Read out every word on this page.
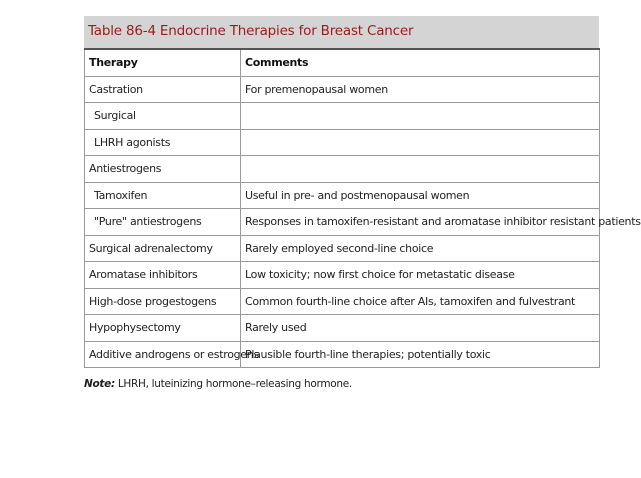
Table 86-4 Endocrine Therapies for Breast Cancer
Therapy	Comments
Castration	For premenopausal women
Surgical	
LHRH agonists	
Antiestrogens	
Tamoxifen	Useful in pre- and postmenopausal women
"Pure" antiestrogens	Responses in tamoxifen-resistant and aromatase inhibitor resistant patients
Surgical adrenalectomy	Rarely employed second-line choice
Aromatase inhibitors	Low toxicity; now first choice for metastatic disease
High-dose progestogens	Common fourth-line choice after AIs, tamoxifen and fulvestrant
Hypophysectomy	Rarely used
Additive androgens or estrogens	Plausible fourth-line therapies; potentially toxic
Note: LHRH, luteinizing hormone–releasing hormone.
